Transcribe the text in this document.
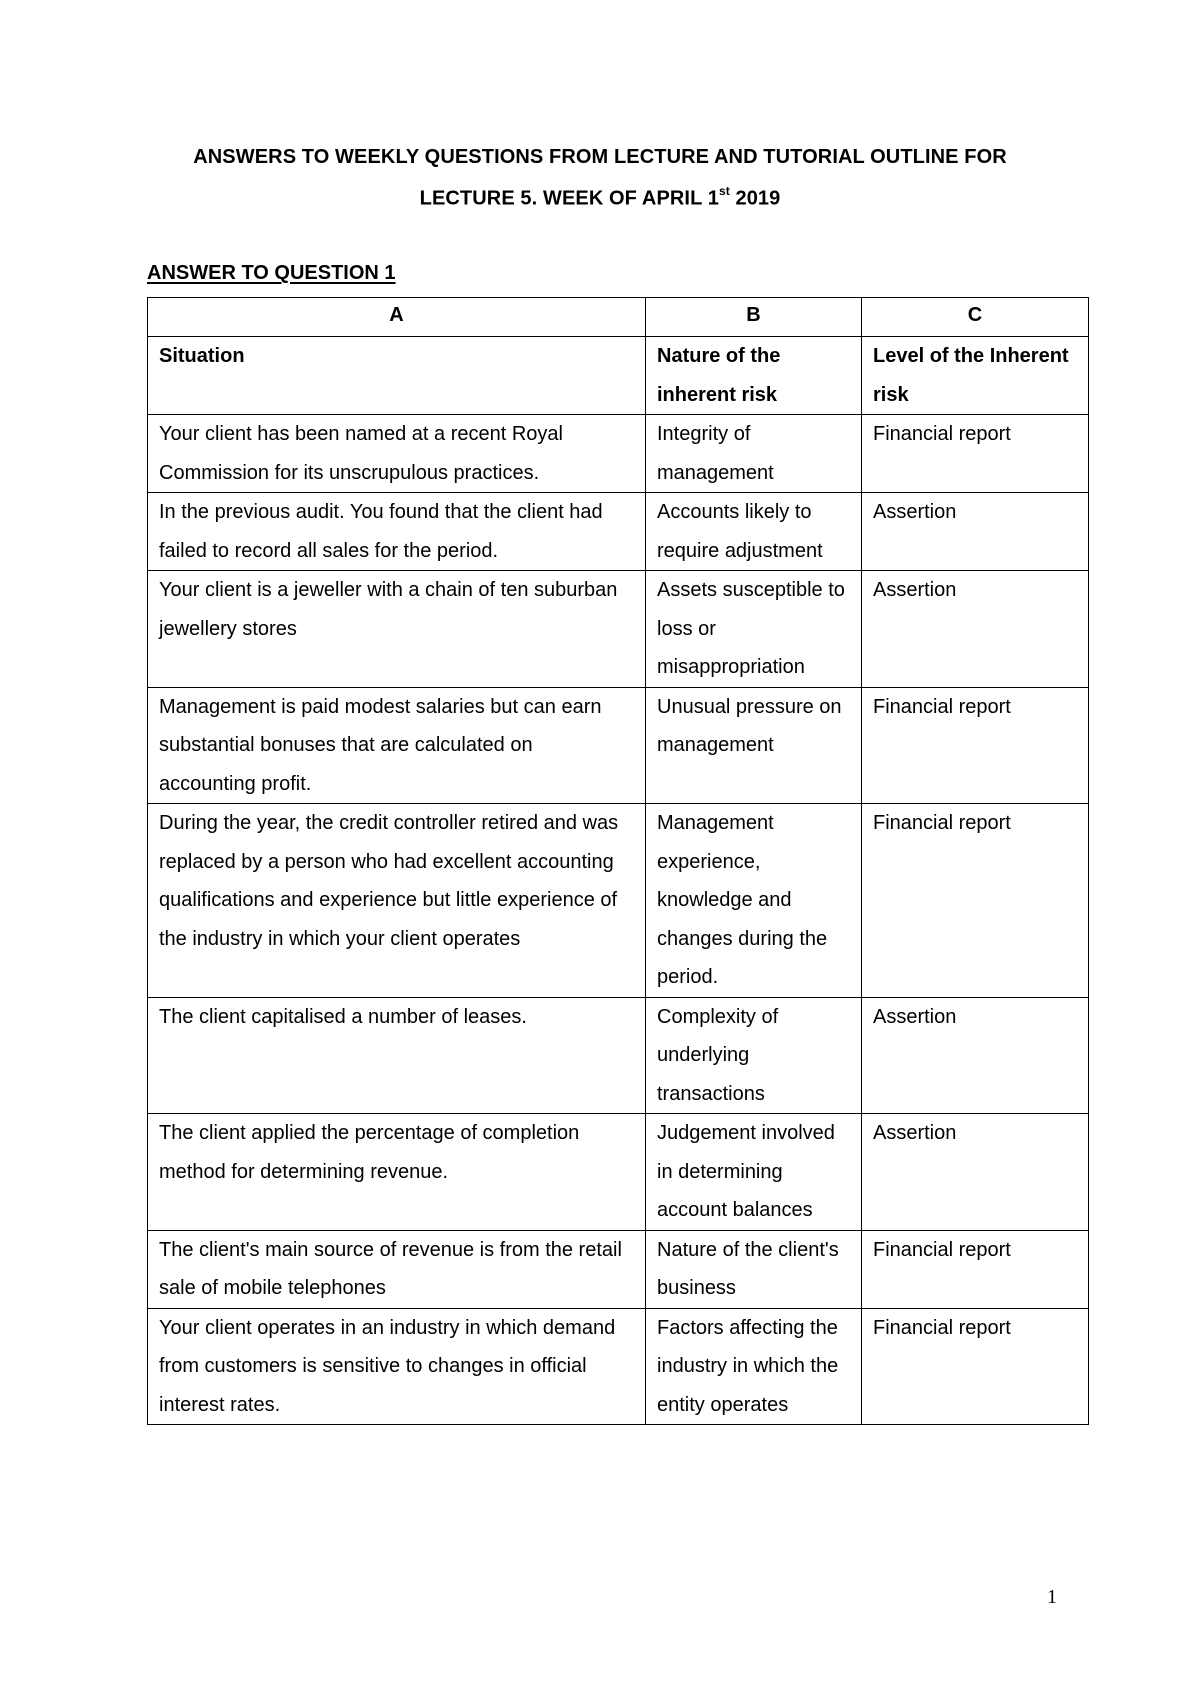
ANSWERS TO WEEKLY QUESTIONS FROM LECTURE AND TUTORIAL OUTLINE FOR
LECTURE 5. WEEK OF APRIL 1st 2019
ANSWER TO QUESTION 1
A	B	C
Situation	Nature of the inherent risk	Level of the Inherent risk
Your client has been named at a recent Royal Commission for its unscrupulous practices.	Integrity of management	Financial report
In the previous audit. You found that the client had failed to record all sales for the period.	Accounts likely to require adjustment	Assertion
Your client is a jeweller with a chain of ten suburban jewellery stores	Assets susceptible to loss or misappropriation	Assertion
Management is paid modest salaries but can earn substantial bonuses that are calculated on accounting profit.	Unusual pressure on management	Financial report
During the year, the credit controller retired and was replaced by a person who had excellent accounting qualifications and experience but little experience of the industry in which your client operates	Management experience, knowledge and changes during the period.	Financial report
The client capitalised a number of leases.	Complexity of underlying transactions	Assertion
The client applied the percentage of completion method for determining revenue.	Judgement involved in determining account balances	Assertion
The client's main source of revenue is from the retail sale of mobile telephones	Nature of the client's business	Financial report
Your client operates in an industry in which demand from customers is sensitive to changes in official interest rates.	Factors affecting the industry in which the entity operates	Financial report
1
